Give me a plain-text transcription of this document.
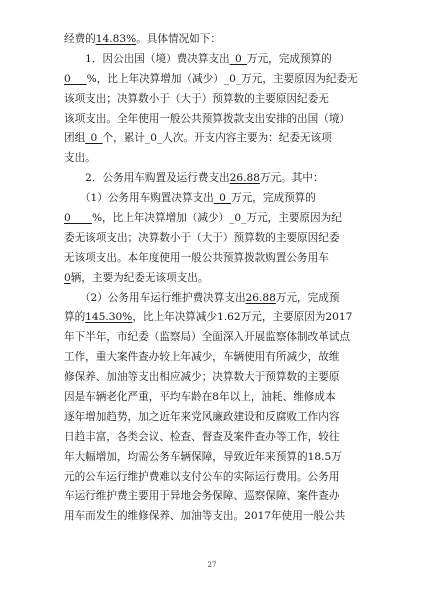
经费的14.83%。具体情况如下：
　　1．因公出国（境）费决算支出_0_万元，完成预算的
0___%，比上年决算增加（减少）_0_万元，主要原因为纪委无
该项支出；决算数小于（大于）预算数的主要原因纪委无
该项支出。全年使用一般公共预算拨款支出安排的出国（境）
团组_0_个，累计_0_人次。开支内容主要为：纪委无该项
支出。
　　2．公务用车购置及运行费支出26.88万元。其中：
　　（1）公务用车购置决算支出_0_万元，完成预算的
0____%，比上年决算增加（减少）_0_万元，主要原因为纪
委无该项支出；决算数小于（大于）预算数的主要原因纪委
无该项支出。本年度使用一般公共预算拨款购置公务用车
0辆，主要为纪委无该项支出。
　　（2）公务用车运行维护费决算支出26.88万元，完成预
算的145.30%，比上年决算减少1.62万元，主要原因为2017
年下半年，市纪委（监察局）全面深入开展监察体制改革试点
工作，重大案件查办较上年减少，车辆使用有所减少，故维
修保养、加油等支出相应减少；决算数大于预算数的主要原
因是车辆老化严重，平均车龄在8年以上，油耗、维修成本
逐年增加趋势，加之近年来党风廉政建设和反腐败工作内容
日趋丰富，各类会议、检查、督查及案件查办等工作，较往
年大幅增加，均需公务车辆保障，导致近年来预算的18.5万
元的公车运行维护费难以支付公车的实际运行费用。公务用
车运行维护费主要用于异地会务保障、巡察保障、案件查办
用车而发生的维修保养、加油等支出。2017年使用一般公共
27
